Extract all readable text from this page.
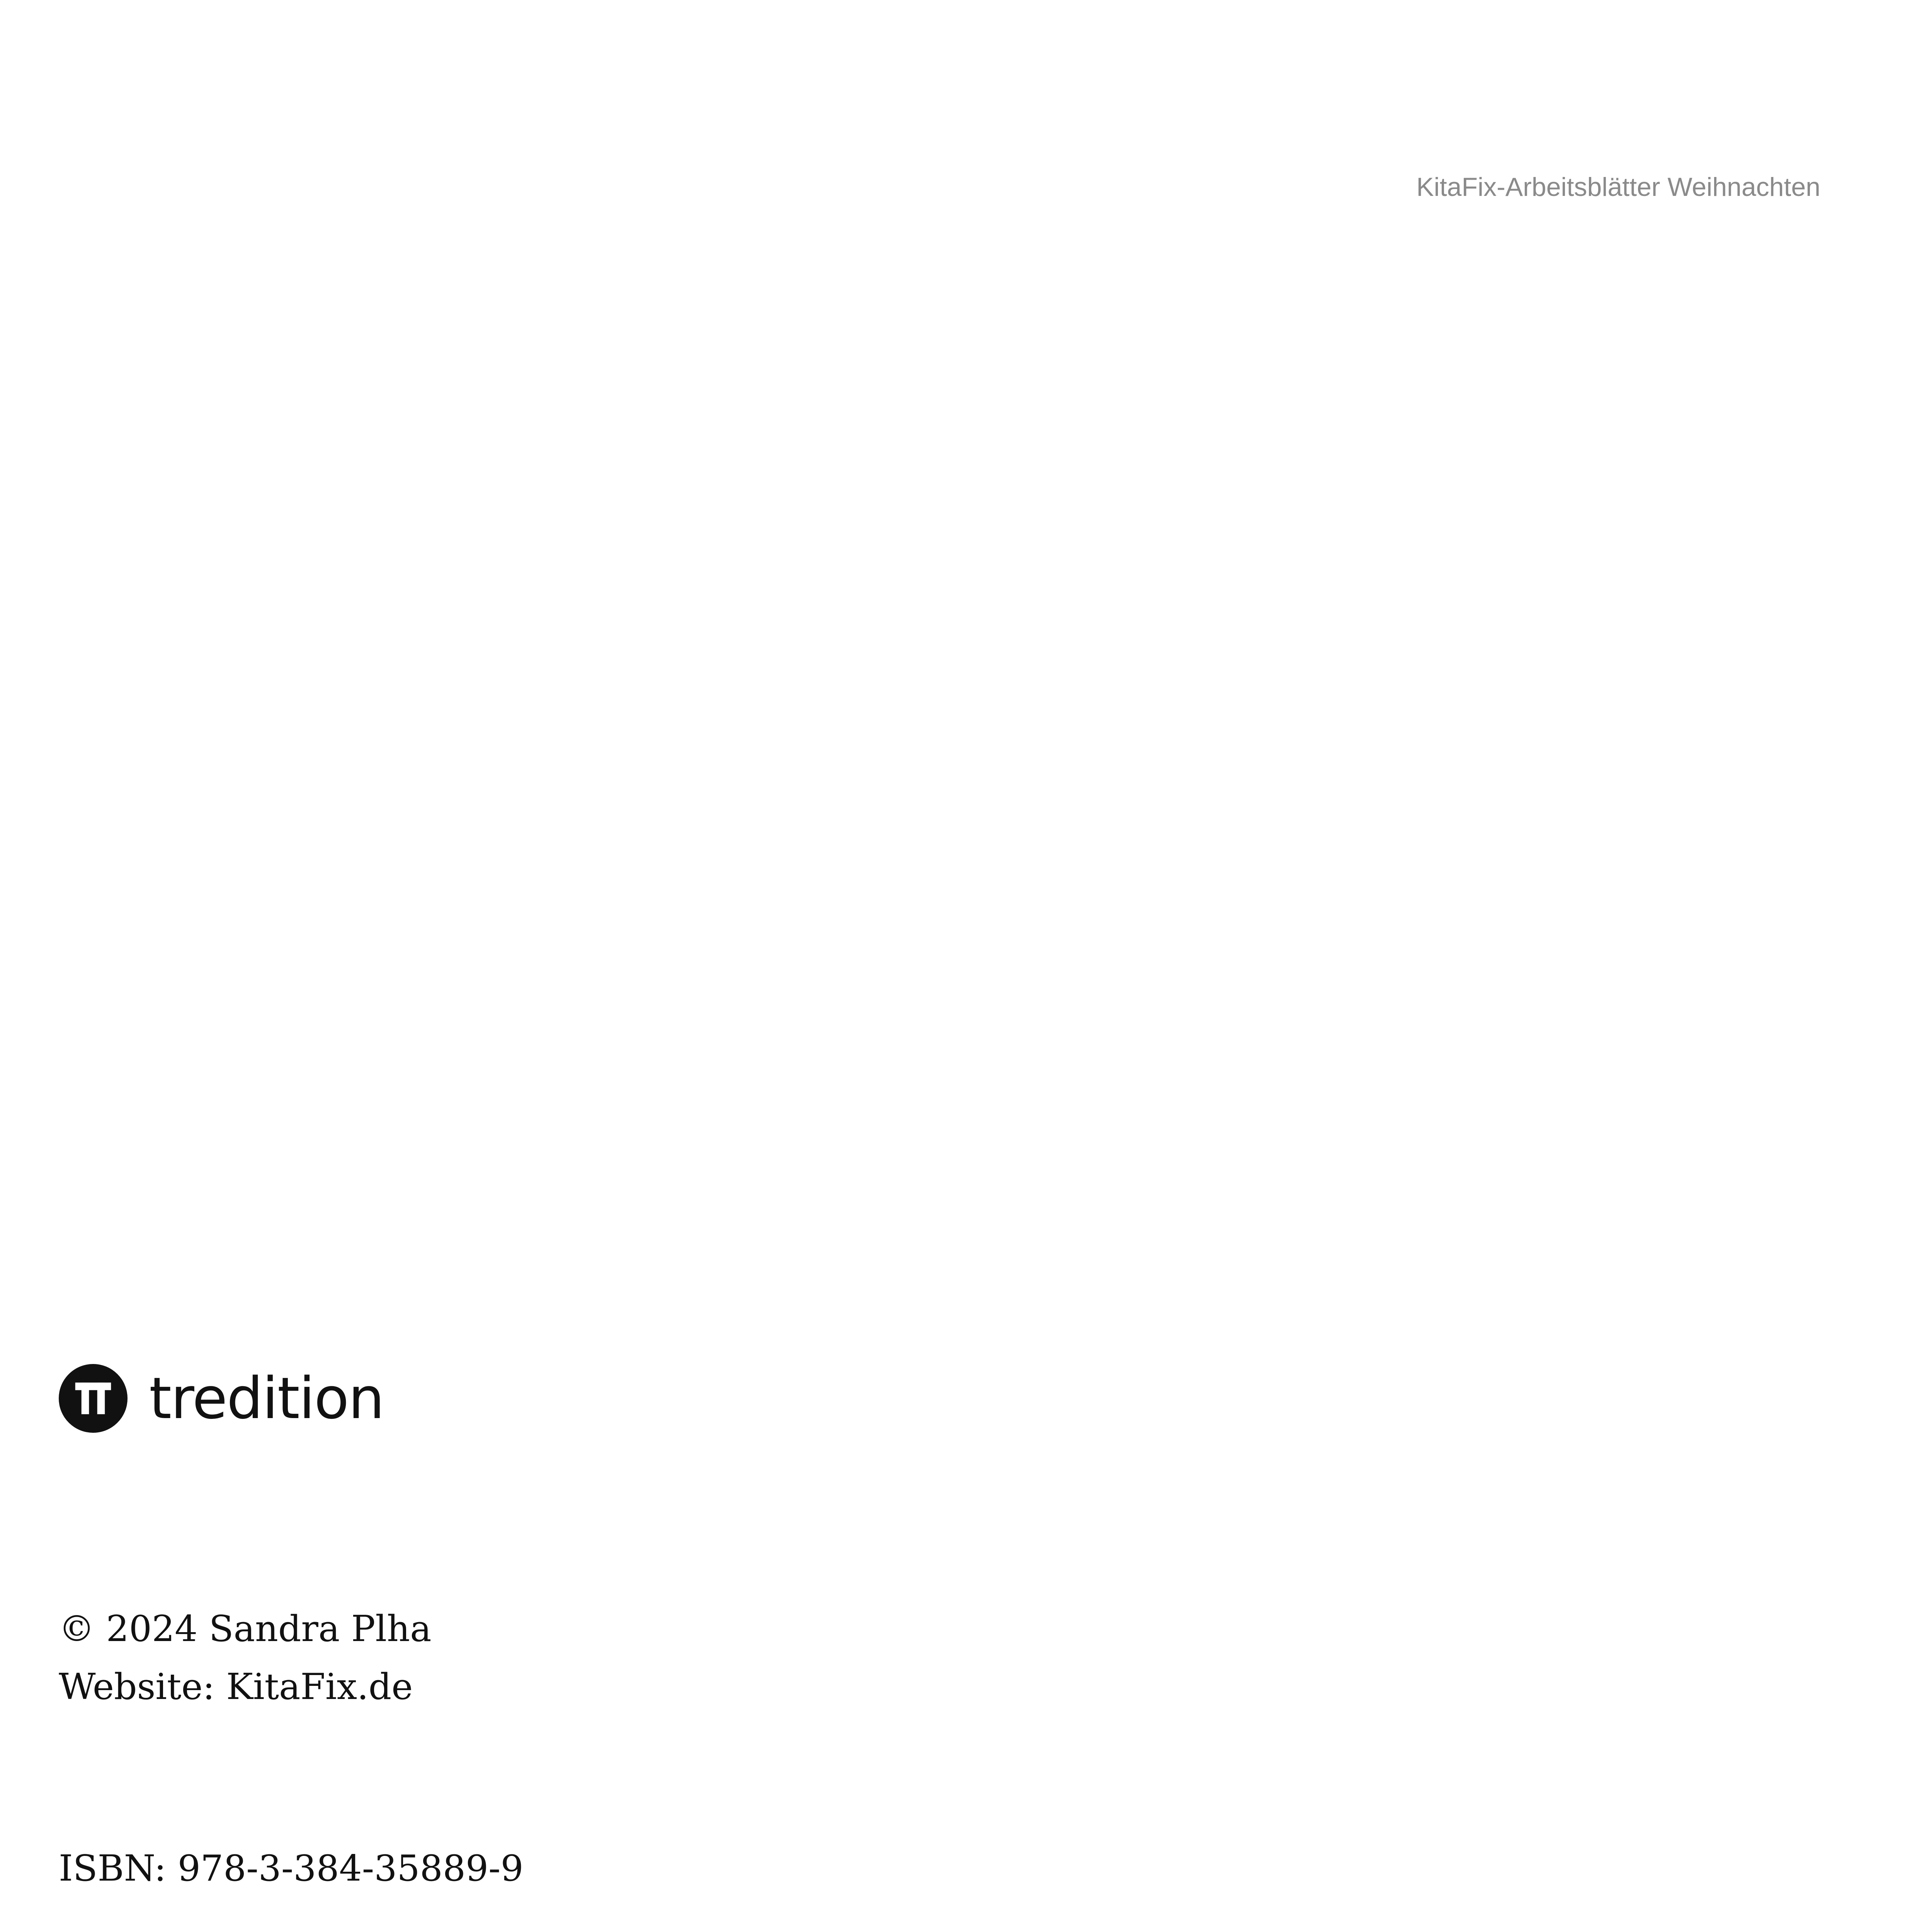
KitaFix-Arbeitsblätter Weihnachten
tredition

© 2024 Sandra Plha

Website: KitaFix.de

ISBN: 978-3-384-35889-9
